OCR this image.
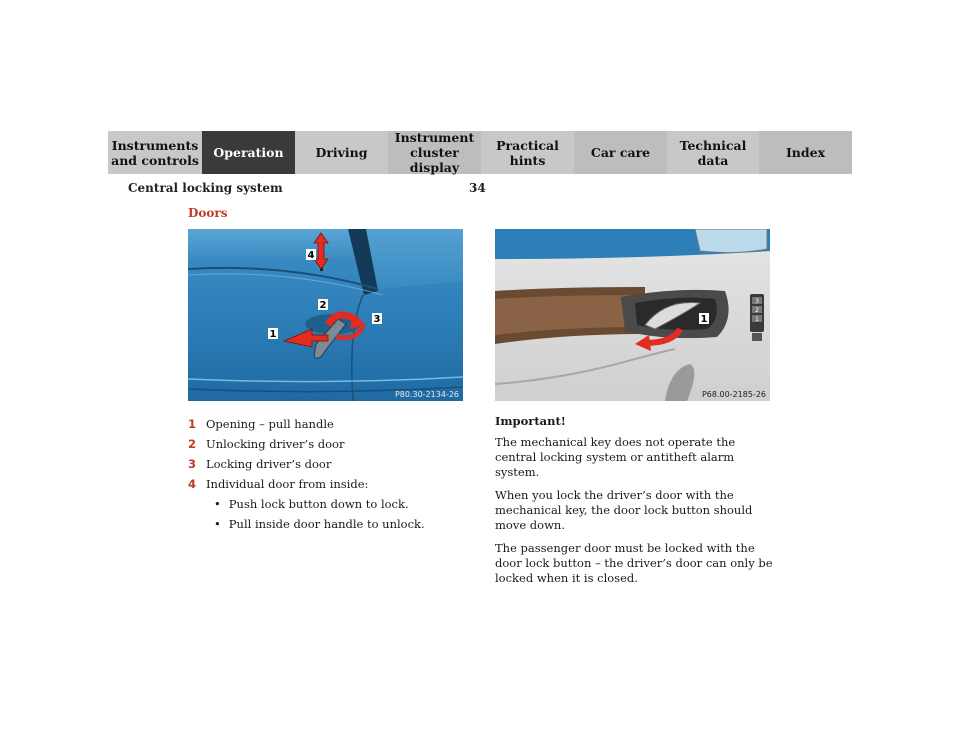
Instruments
and controls Operation	Driving
Instrument
cluster display
Practical hints	Car care Technical
data	Index
Central locking system	34
Doors
4
2
3
1
P80.30-2134-26
3
2
1
1
P68.00-2185-26
1 Opening – pull handle
2 Unlocking driver’s door
3 Locking driver’s door
4 Individual door from inside:
• Push lock button down to lock.
• Pull inside door handle to unlock.
Important!

The mechanical key does not operate the central locking system or antitheft alarm system.

When you lock the driver’s door with the mechanical key, the door lock button should move down.

The passenger door must be locked with the door lock button – the driver’s door can only be locked when it is closed.
